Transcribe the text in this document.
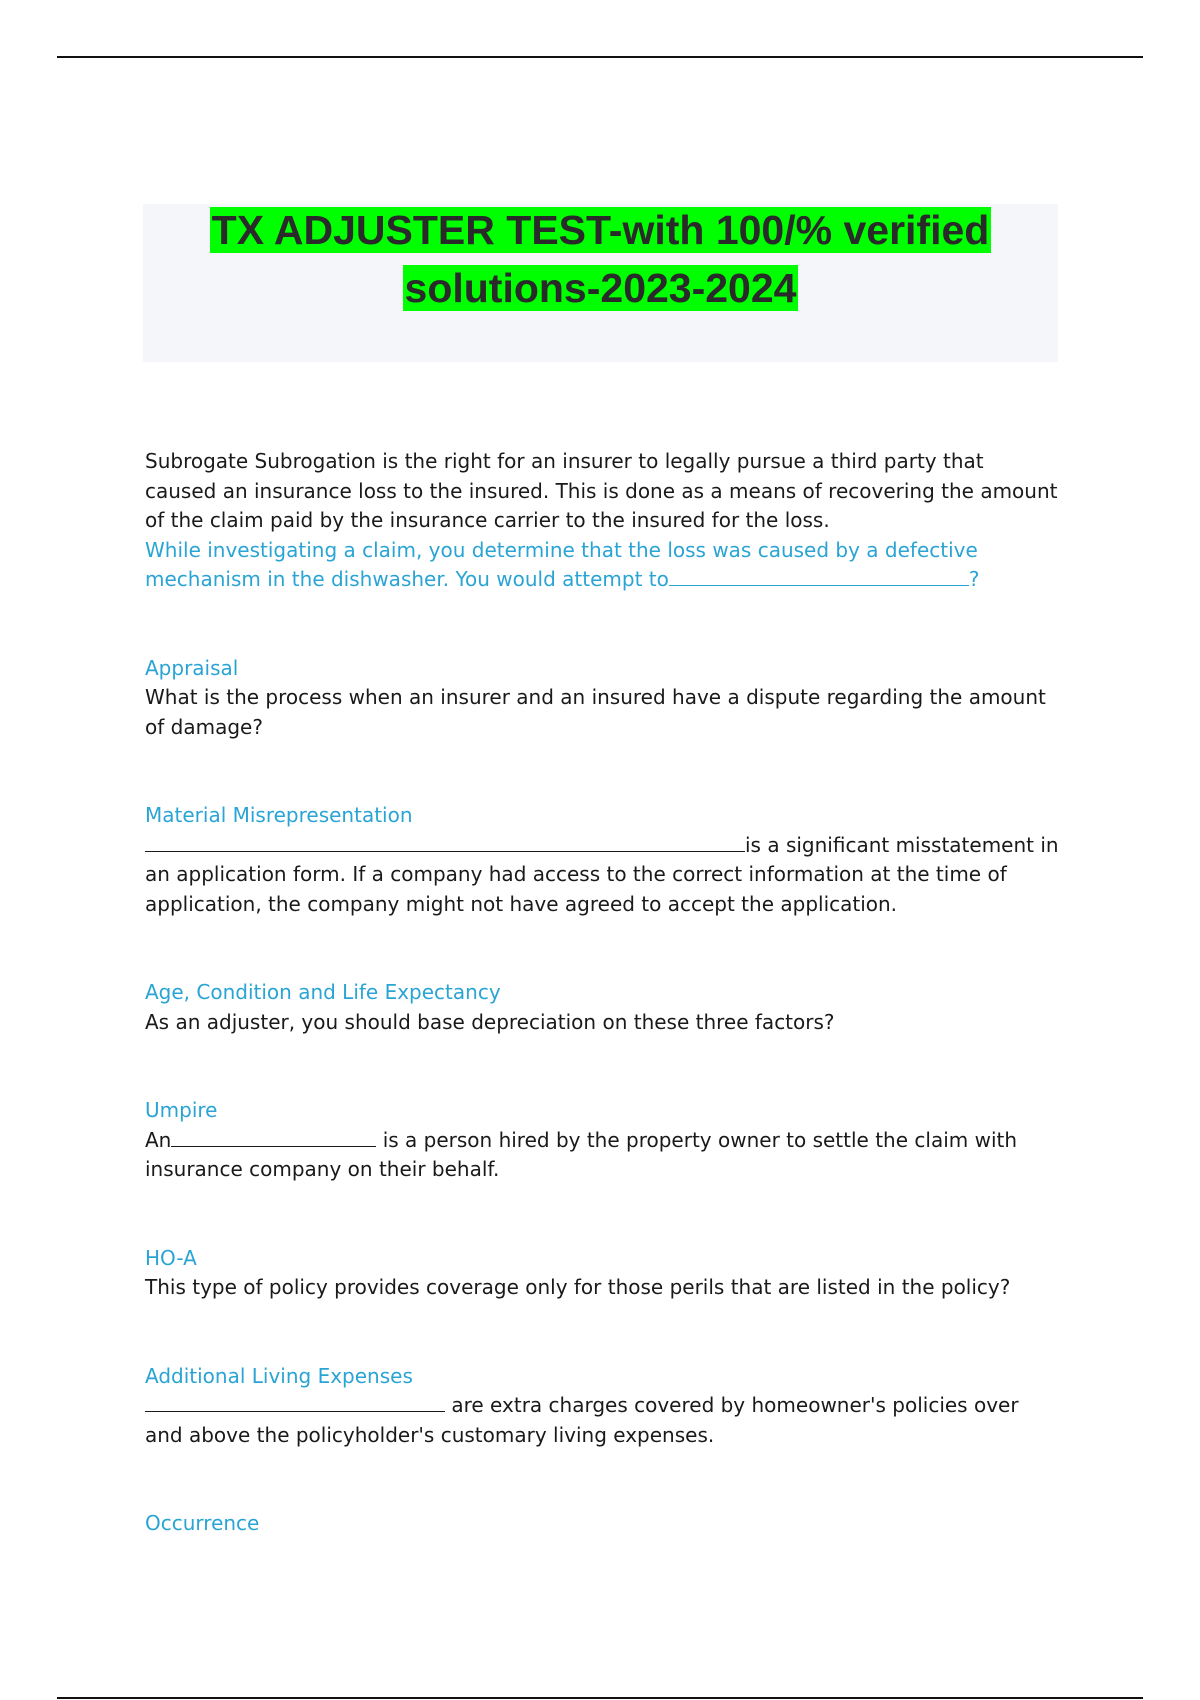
TX ADJUSTER TEST-with 100/% verified
solutions-2023-2024

Subrogate Subrogation is the right for an insurer to legally pursue a third party that caused an insurance loss to the insured. This is done as a means of recovering the amount of the claim paid by the insurance carrier to the insured for the loss.

While investigating a claim, you determine that the loss was caused by a defective mechanism in the dishwasher. You would attempt to	?

Appraisal

What is the process when an insurer and an insured have a dispute regarding the amount of damage?

Material Misrepresentation

is a significant misstatement in an application form. If a company had access to the correct information at the time of application, the company might not have agreed to accept the application.

Age, Condition and Life Expectancy

As an adjuster, you should base depreciation on these three factors?

Umpire

An	is a person hired by the property owner to settle the claim with insurance company on their behalf.

HO-A

This type of policy provides coverage only for those perils that are listed in the policy?

Additional Living Expenses

are extra charges covered by homeowner's policies over and above the policyholder's customary living expenses.

Occurrence
